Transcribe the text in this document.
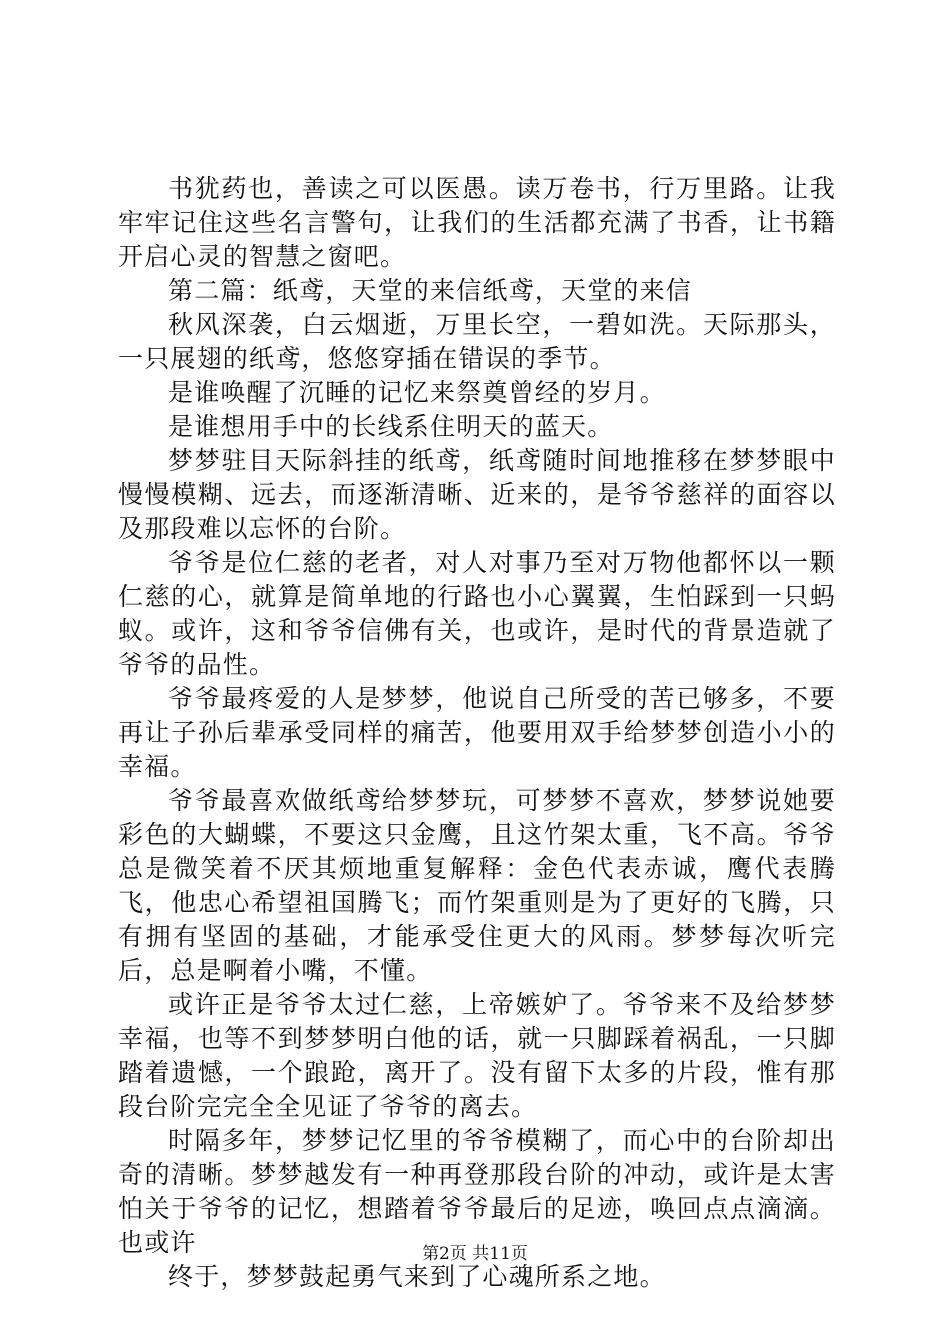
书犹药也，善读之可以医愚。读万卷书，行万里路。让我牢牢记住这些名言警句，让我们的生活都充满了书香，让书籍开启心灵的智慧之窗吧。

第二篇：纸鸢，天堂的来信纸鸢，天堂的来信

秋风深袭，白云烟逝，万里长空，一碧如洗。天际那头，一只展翅的纸鸢，悠悠穿插在错误的季节。

是谁唤醒了沉睡的记忆来祭奠曾经的岁月。

是谁想用手中的长线系住明天的蓝天。

梦梦驻目天际斜挂的纸鸢，纸鸢随时间地推移在梦梦眼中慢慢模糊、远去，而逐渐清晰、近来的，是爷爷慈祥的面容以及那段难以忘怀的台阶。

爷爷是位仁慈的老者，对人对事乃至对万物他都怀以一颗仁慈的心，就算是简单地的行路也小心翼翼，生怕踩到一只蚂蚁。或许，这和爷爷信佛有关，也或许，是时代的背景造就了爷爷的品性。

爷爷最疼爱的人是梦梦，他说自己所受的苦已够多，不要再让子孙后辈承受同样的痛苦，他要用双手给梦梦创造小小的幸福。

爷爷最喜欢做纸鸢给梦梦玩，可梦梦不喜欢，梦梦说她要彩色的大蝴蝶，不要这只金鹰，且这竹架太重，飞不高。爷爷总是微笑着不厌其烦地重复解释：金色代表赤诚，鹰代表腾飞，他忠心希望祖国腾飞；而竹架重则是为了更好的飞腾，只有拥有坚固的基础，才能承受住更大的风雨。梦梦每次听完后，总是啊着小嘴，不懂。

或许正是爷爷太过仁慈，上帝嫉妒了。爷爷来不及给梦梦幸福，也等不到梦梦明白他的话，就一只脚踩着祸乱，一只脚踏着遗憾，一个踉跄，离开了。没有留下太多的片段，惟有那段台阶完完全全见证了爷爷的离去。

时隔多年，梦梦记忆里的爷爷模糊了，而心中的台阶却出奇的清晰。梦梦越发有一种再登那段台阶的冲动，或许是太害怕关于爷爷的记忆，想踏着爷爷最后的足迹，唤回点点滴滴。也或许

终于，梦梦鼓起勇气来到了心魂所系之地。

第2页 共11页
